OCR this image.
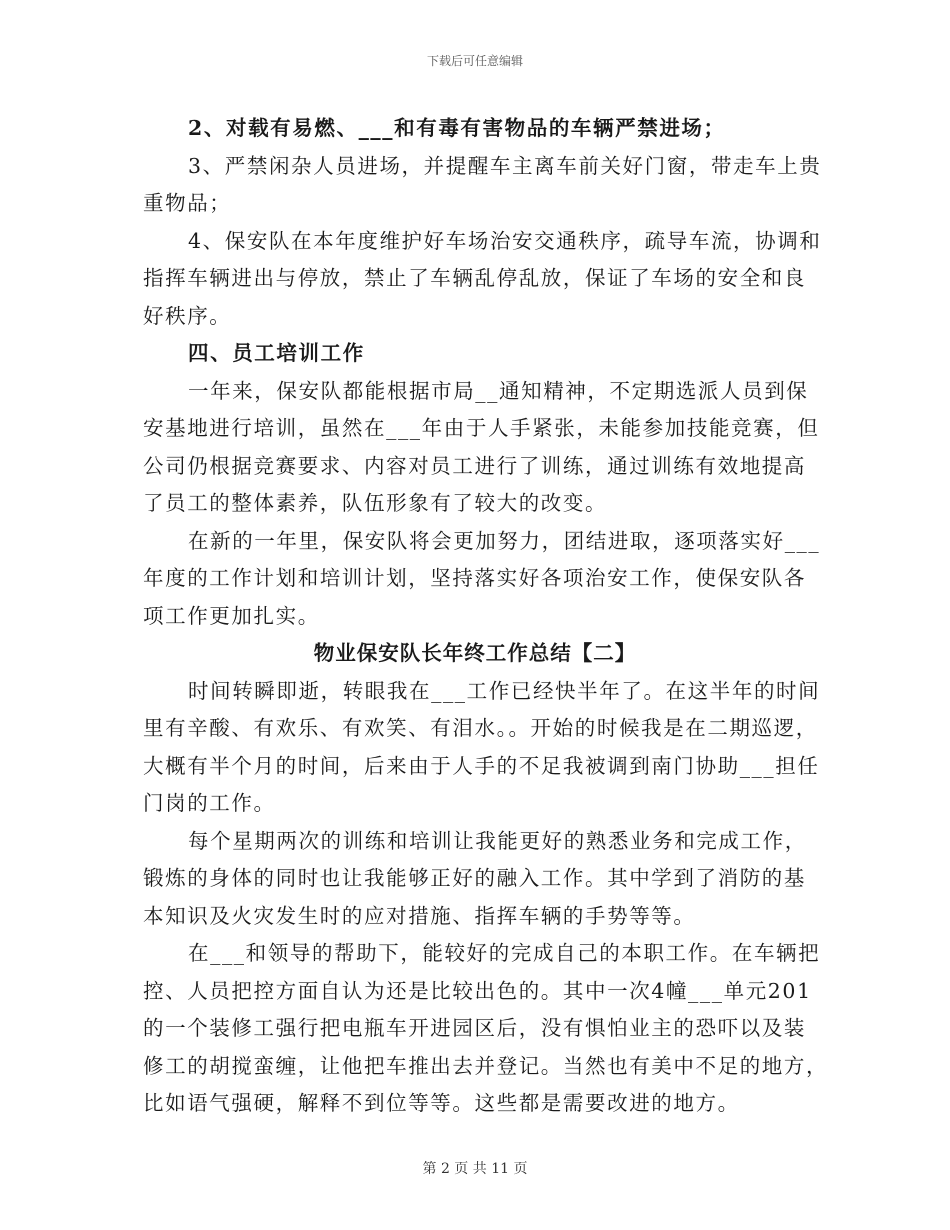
下载后可任意编辑
2、对载有易燃、___和有毒有害物品的车辆严禁进场；
3、严禁闲杂人员进场，并提醒车主离车前关好门窗，带走车上贵
重物品；
4、保安队在本年度维护好车场治安交通秩序，疏导车流，协调和
指挥车辆进出与停放，禁止了车辆乱停乱放，保证了车场的安全和良
好秩序。
四、员工培训工作
一年来，保安队都能根据市局__通知精神，不定期选派人员到保
安基地进行培训，虽然在___年由于人手紧张，未能参加技能竞赛，但
公司仍根据竞赛要求、内容对员工进行了训练，通过训练有效地提高
了员工的整体素养，队伍形象有了较大的改变。
在新的一年里，保安队将会更加努力，团结进取，逐项落实好___
年度的工作计划和培训计划，坚持落实好各项治安工作，使保安队各
项工作更加扎实。
物业保安队长年终工作总结【二】
时间转瞬即逝，转眼我在___工作已经快半年了。在这半年的时间
里有辛酸、有欢乐、有欢笑、有泪水。。开始的时候我是在二期巡逻，
大概有半个月的时间，后来由于人手的不足我被调到南门协助___担任
门岗的工作。
每个星期两次的训练和培训让我能更好的熟悉业务和完成工作，
锻炼的身体的同时也让我能够正好的融入工作。其中学到了消防的基
本知识及火灾发生时的应对措施、指挥车辆的手势等等。
在___和领导的帮助下，能较好的完成自己的本职工作。在车辆把
控、人员把控方面自认为还是比较出色的。其中一次4幢___单元201
的一个装修工强行把电瓶车开进园区后，没有惧怕业主的恐吓以及装
修工的胡搅蛮缠，让他把车推出去并登记。当然也有美中不足的地方，
比如语气强硬，解释不到位等等。这些都是需要改进的地方。
第 2 页 共 11 页
